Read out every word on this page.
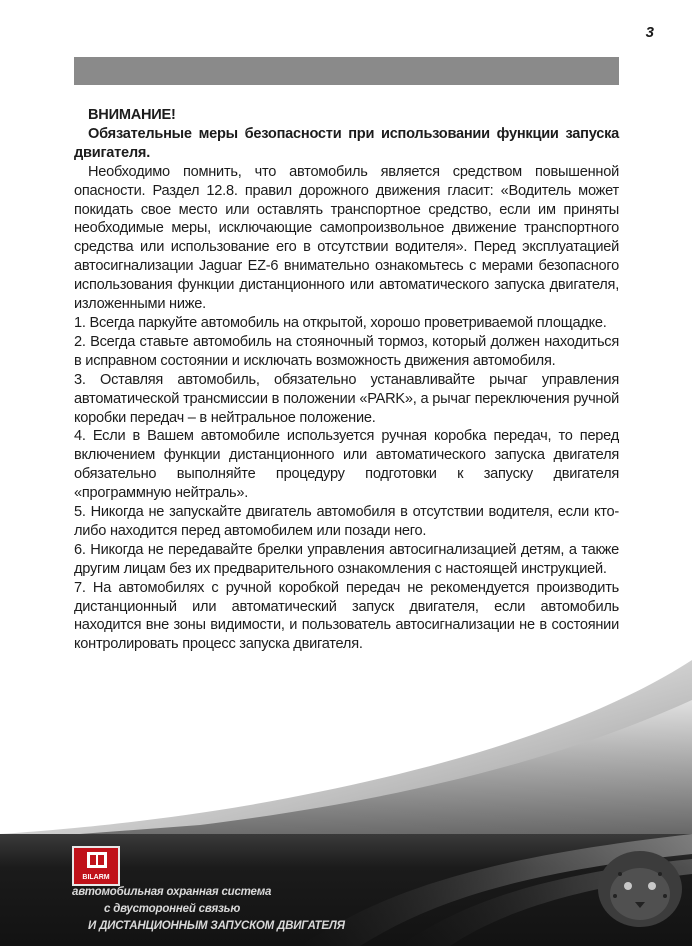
3

ВНИМАНИЕ!

Обязательные меры безопасности при использовании функции запуска двигателя.

Необходимо помнить, что автомобиль является средством повышенной опасности. Раздел 12.8. правил дорожного движения гласит: «Водитель может покидать свое место или оставлять транспортное средство, если им приняты необходимые меры, исключающие самопроизвольное движение транспортного средства или использование его в отсутствии водителя». Перед эксплуатацией автосигнализации Jaguar EZ-6 внимательно ознакомьтесь с мерами безопасного использования функции дистанционного или автоматического запуска двигателя, изложенными ниже.

1. Всегда паркуйте автомобиль на открытой, хорошо проветриваемой площадке.

2. Всегда ставьте автомобиль на стояночный тормоз, который должен находиться в исправном состоянии и исключать возможность движения автомобиля.

3. Оставляя автомобиль, обязательно устанавливайте рычаг управления автоматической трансмиссии в положении «PARK», а рычаг переключения ручной коробки передач – в нейтральное положение.

4. Если в Вашем автомобиле используется ручная коробка передач, то перед включением функции дистанционного или автоматического запуска двигателя обязательно выполняйте процедуру подготовки к запуску двигателя «программную нейтраль».

5. Никогда не запускайте двигатель автомобиля в отсутствии водителя, если кто-либо находится перед автомобилем или позади него.

6. Никогда не передавайте брелки управления автосигнализацией детям, а также другим лицам без их предварительного ознакомления с настоящей инструкцией.

7. На автомобилях с ручной коробкой передач не рекомендуется производить дистанционный или автоматический запуск двигателя, если автомобиль находится вне зоны видимости, и пользователь автосигнализации не в состоянии контролировать процесс запуска двигателя.

BILARM
автомобильная охранная система
с двусторонней связью
И ДИСТАНЦИОННЫМ ЗАПУСКОМ ДВИГАТЕЛЯ
